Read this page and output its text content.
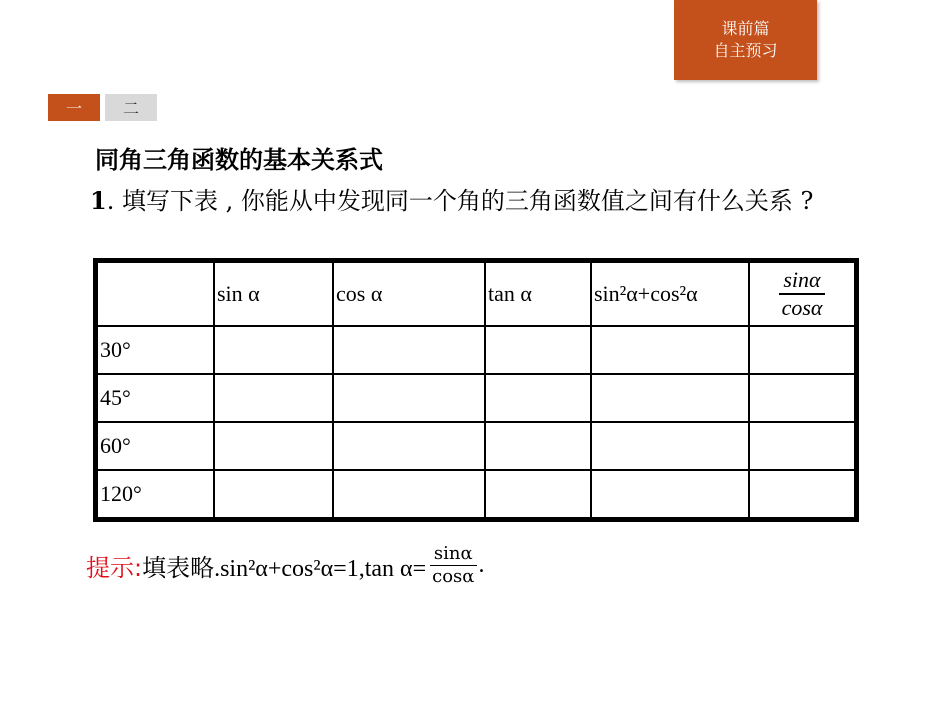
课前篇
自主预习
一	二
同角三角函数的基本关系式
1. 填写下表 , 你能从中发现同一个角的三角函数值之间有什么关系 ?
	sin α	cos α	tan α	sin²α+cos²α	$\frac{\sin\alpha}{\cos\alpha}$

30°					
45°					
60°					
120°					
提示: 填表略.sin²α+cos²α=1,tan $\alpha= \frac{\sin\alpha}{\cos\alpha}$ .
